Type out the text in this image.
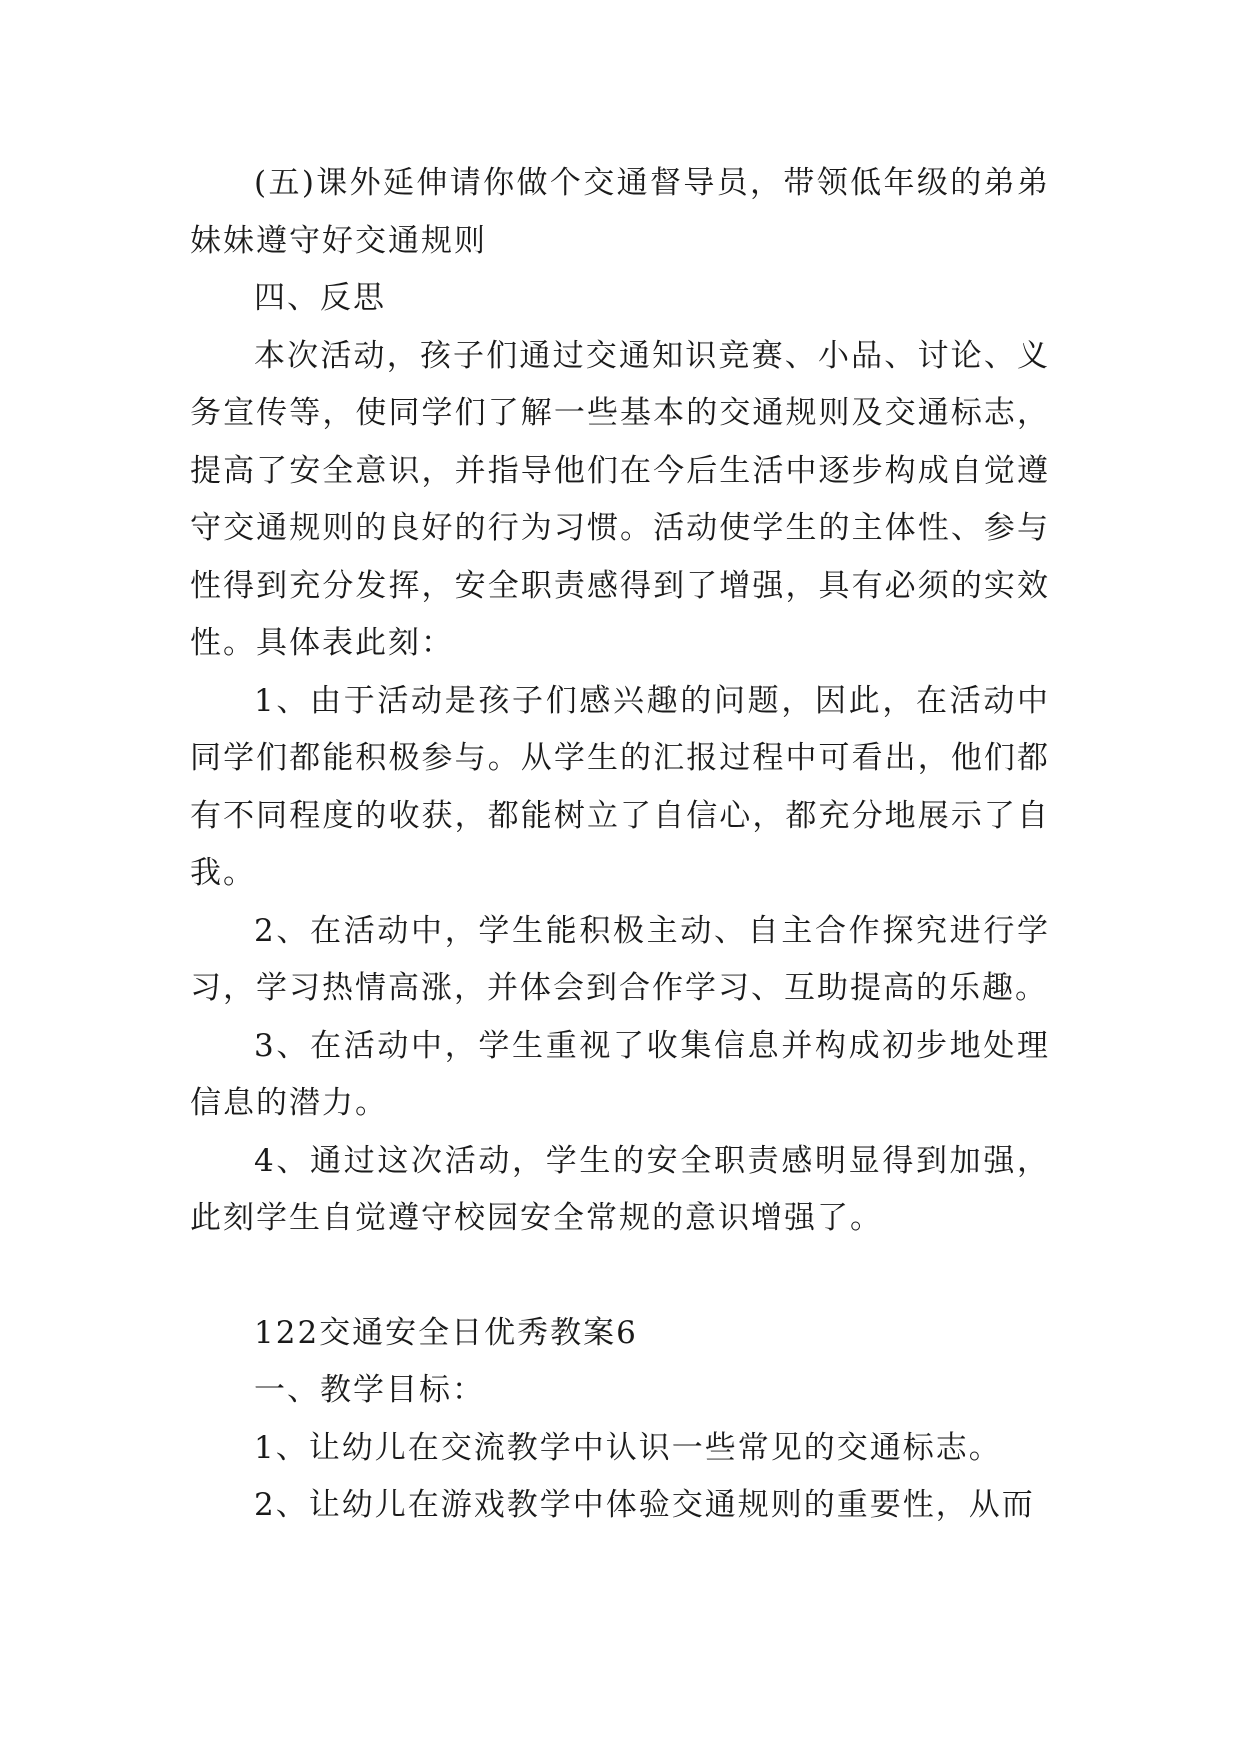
(五)课外延伸请你做个交通督导员，带领低年级的弟弟妹妹遵守好交通规则

四、反思

本次活动，孩子们通过交通知识竞赛、小品、讨论、义务宣传等，使同学们了解一些基本的交通规则及交通标志，提高了安全意识，并指导他们在今后生活中逐步构成自觉遵守交通规则的良好的行为习惯。活动使学生的主体性、参与性得到充分发挥，安全职责感得到了增强，具有必须的实效性。具体表此刻：

1、由于活动是孩子们感兴趣的问题，因此，在活动中同学们都能积极参与。从学生的汇报过程中可看出，他们都有不同程度的收获，都能树立了自信心，都充分地展示了自我。

2、在活动中，学生能积极主动、自主合作探究进行学习，学习热情高涨，并体会到合作学习、互助提高的乐趣。

3、在活动中，学生重视了收集信息并构成初步地处理信息的潜力。

4、通过这次活动，学生的安全职责感明显得到加强，此刻学生自觉遵守校园安全常规的意识增强了。

122交通安全日优秀教案6

一、教学目标：

1、让幼儿在交流教学中认识一些常见的交通标志。

2、让幼儿在游戏教学中体验交通规则的重要性，从而
